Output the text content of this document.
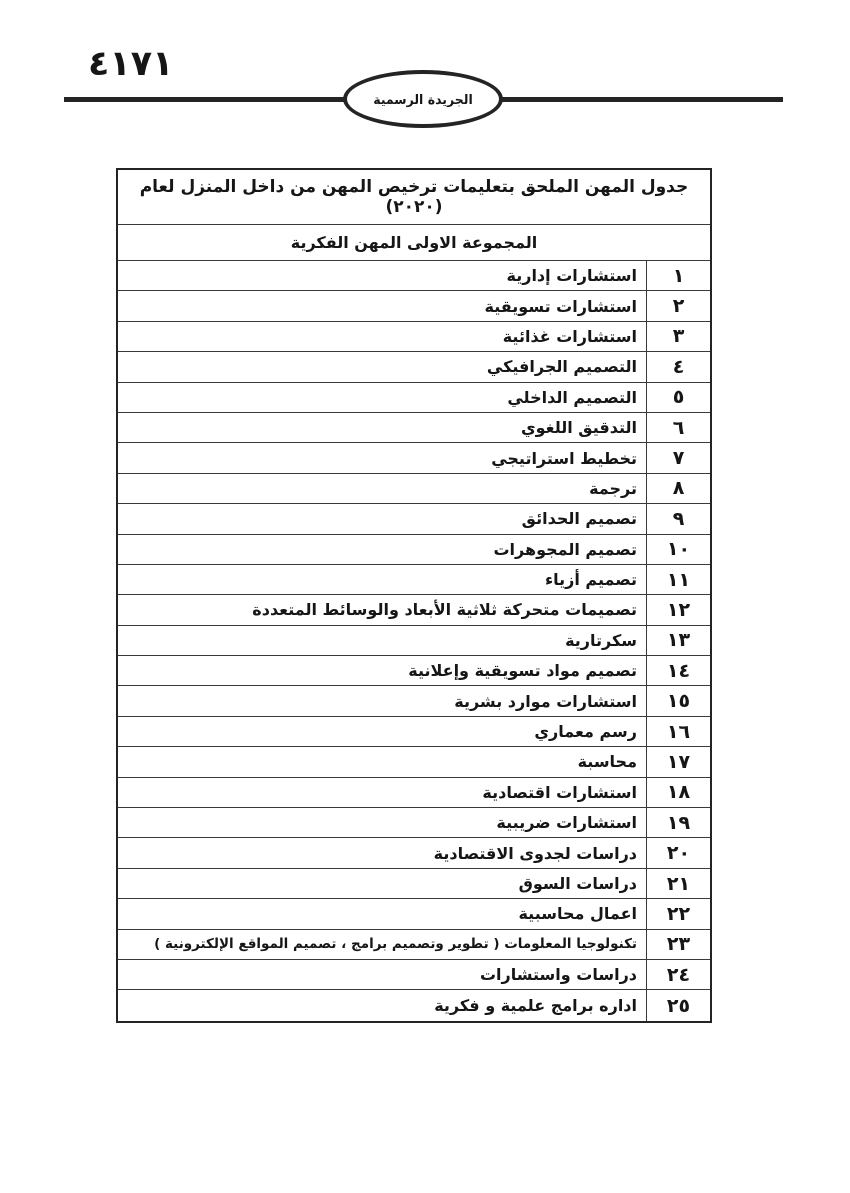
٤١٧١
الجريدة الرسمية
جدول المهن الملحق بتعليمات ترخيص المهن من داخل المنزل لعام (٢٠٢٠)
المجموعة الاولى المهن الفكرية
١
استشارات إدارية
٢
استشارات تسويقية
٣
استشارات غذائية
٤
التصميم الجرافيكي
٥
التصميم الداخلي
٦
التدقيق اللغوي
٧
تخطيط استراتيجي
٨
ترجمة
٩
تصميم الحدائق
١٠
تصميم المجوهرات
١١
تصميم أزياء
١٢
تصميمات متحركة ثلاثية الأبعاد والوسائط المتعددة
١٣
سكرتارية
١٤
تصميم مواد تسويقية وإعلانية
١٥
استشارات موارد بشرية
١٦
رسم معماري
١٧
محاسبة
١٨
استشارات اقتصادية
١٩
استشارات ضريبية
٢٠
دراسات لجدوى الاقتصادية
٢١
دراسات السوق
٢٢
اعمال محاسبية
٢٣
تكنولوجيا المعلومات ( تطوير وتصميم برامج ، تصميم المواقع الإلكترونية )
٢٤
دراسات واستشارات
٢٥
اداره برامج علمية و فكرية
